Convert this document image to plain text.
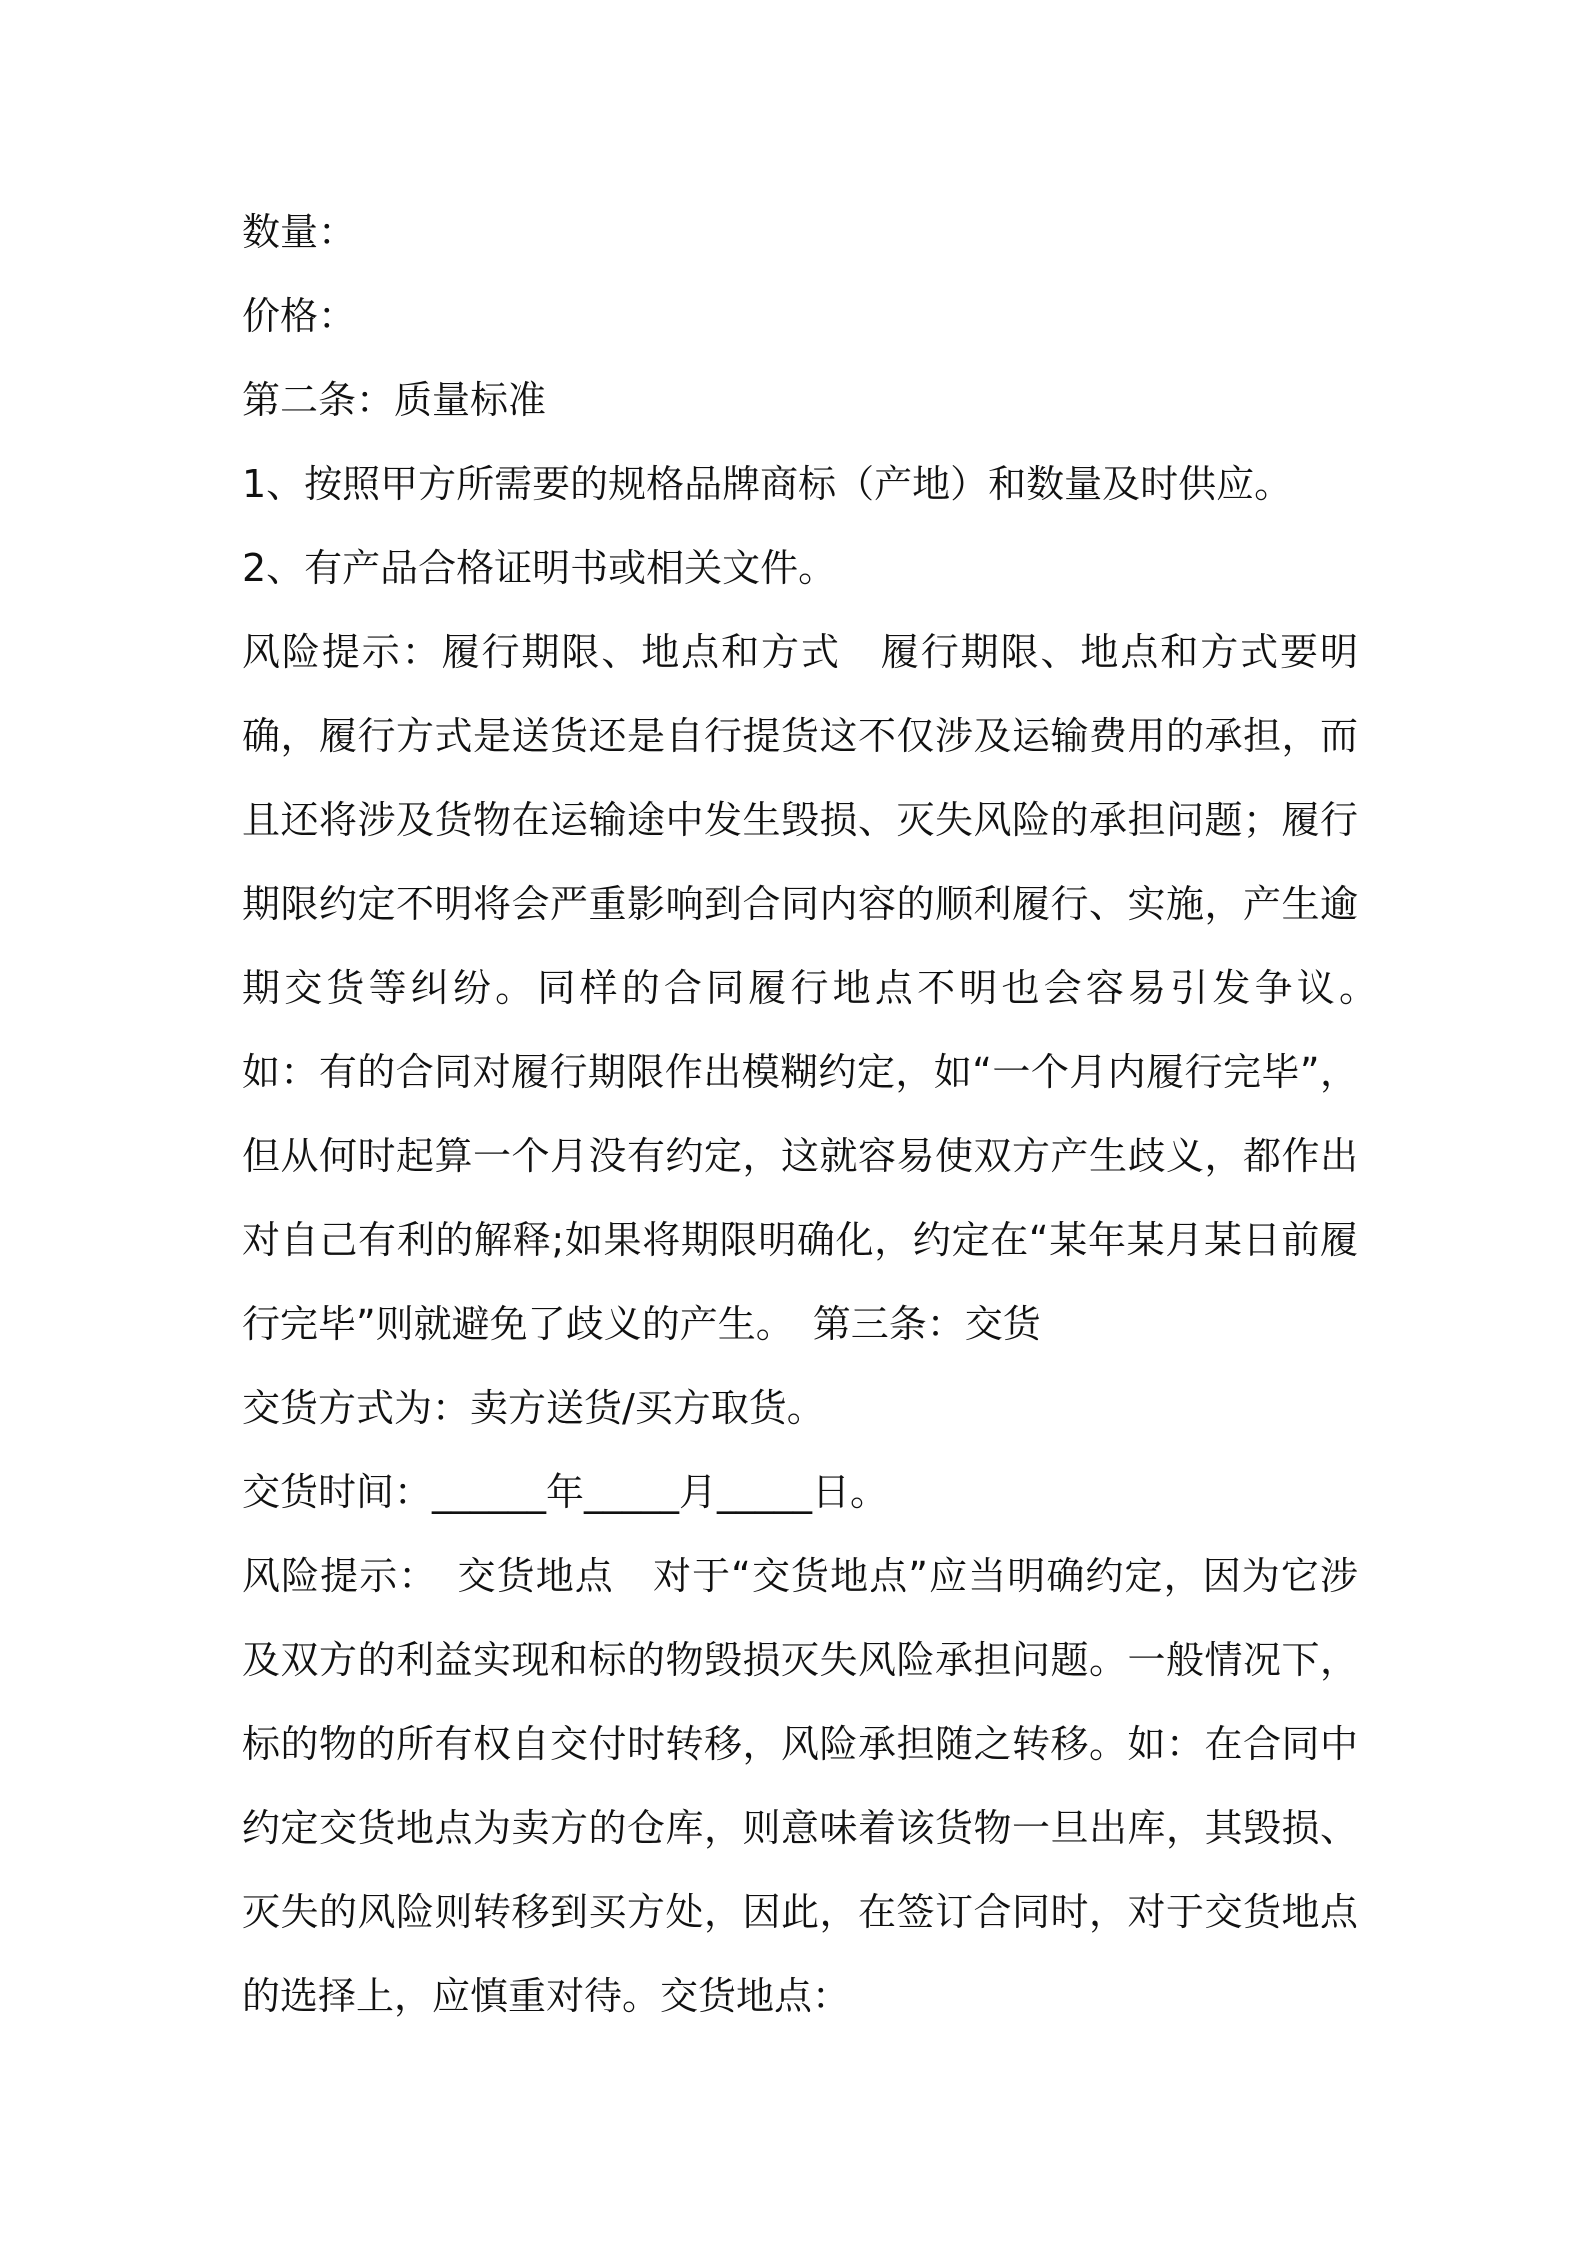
数量：

价格：

第二条：质量标准

1、按照甲方所需要的规格品牌商标（产地）和数量及时供应。

2、有产品合格证明书或相关文件。

风险提示：履行期限、地点和方式　履行期限、地点和方式要明确，履行方式是送货还是自行提货这不仅涉及运输费用的承担，而且还将涉及货物在运输途中发生毁损、灭失风险的承担问题；履行期限约定不明将会严重影响到合同内容的顺利履行、实施，产生逾期交货等纠纷。同样的合同履行地点不明也会容易引发争议。　　如：有的合同对履行期限作出模糊约定，如“一个月内履行完毕”，但从何时起算一个月没有约定，这就容易使双方产生歧义，都作出对自己有利的解释;如果将期限明确化，约定在“某年某月某日前履行完毕”则就避免了歧义的产生。　第三条：交货

交货方式为：卖方送货/买方取货。

交货时间：______年_____月_____日。

风险提示：　交货地点　对于“交货地点”应当明确约定，因为它涉及双方的利益实现和标的物毁损灭失风险承担问题。一般情况下，标的物的所有权自交付时转移，风险承担随之转移。如：在合同中约定交货地点为卖方的仓库，则意味着该货物一旦出库，其毁损、灭失的风险则转移到买方处，因此，在签订合同时，对于交货地点的选择上，应慎重对待。交货地点：
